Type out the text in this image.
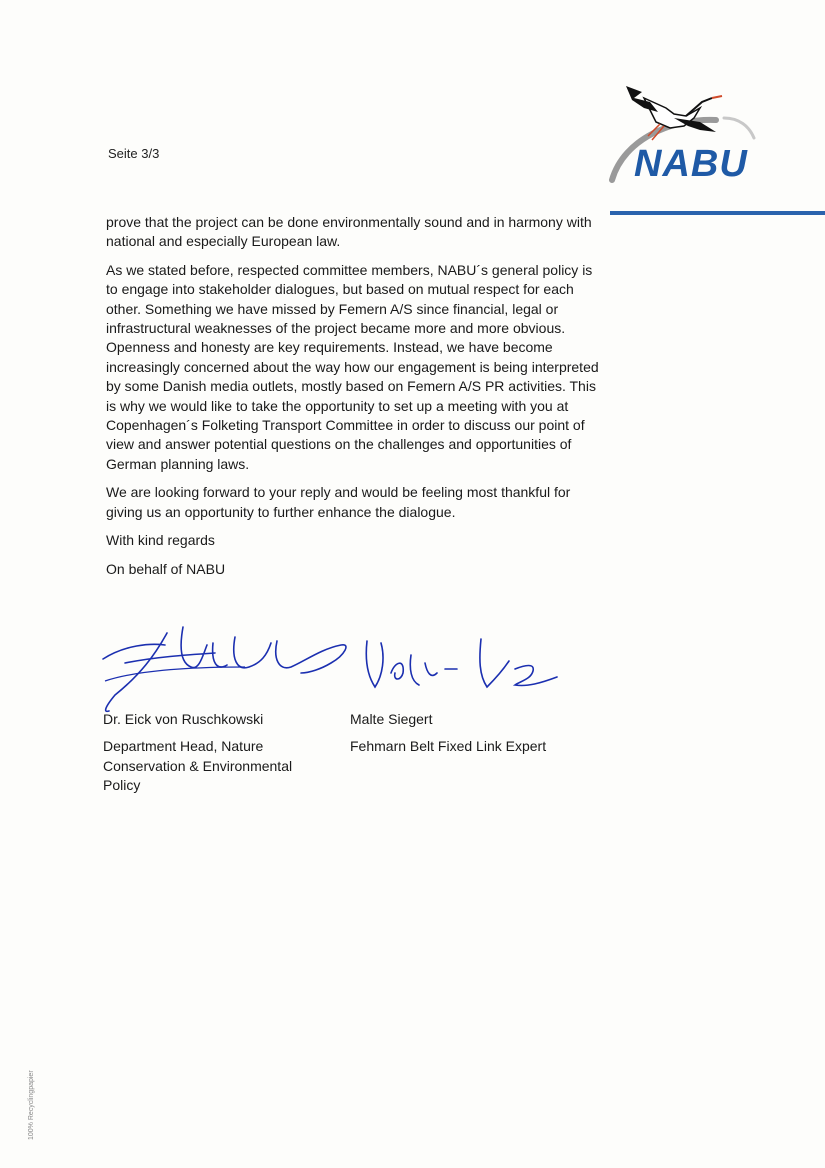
Seite 3/3	NABU

prove that the project can be done environmentally sound and in harmony with national and especially European law.

As we stated before, respected committee members, NABU´s general policy is to engage into stakeholder dialogues, but based on mutual respect for each other. Something we have missed by Femern A/S since financial, legal or infrastructural weaknesses of the project became more and more obvious. Openness and honesty are key requirements. Instead, we have become increasingly concerned about the way how our engagement is being interpreted by some Danish media outlets, mostly based on Femern A/S PR activities. This is why we would like to take the opportunity to set up a meeting with you at Copenhagen´s Folketing Transport Committee in order to discuss our point of view and answer potential questions on the challenges and opportunities of German planning laws.

We are looking forward to your reply and would be feeling most thankful for giving us an opportunity to further enhance the dialogue.

With kind regards

On behalf of NABU

Dr. Eick von Ruschkowski

Department Head, Nature Conservation & Environmental Policy

Malte Siegert

Fehmarn Belt Fixed Link Expert

100% Recyclingpapier
